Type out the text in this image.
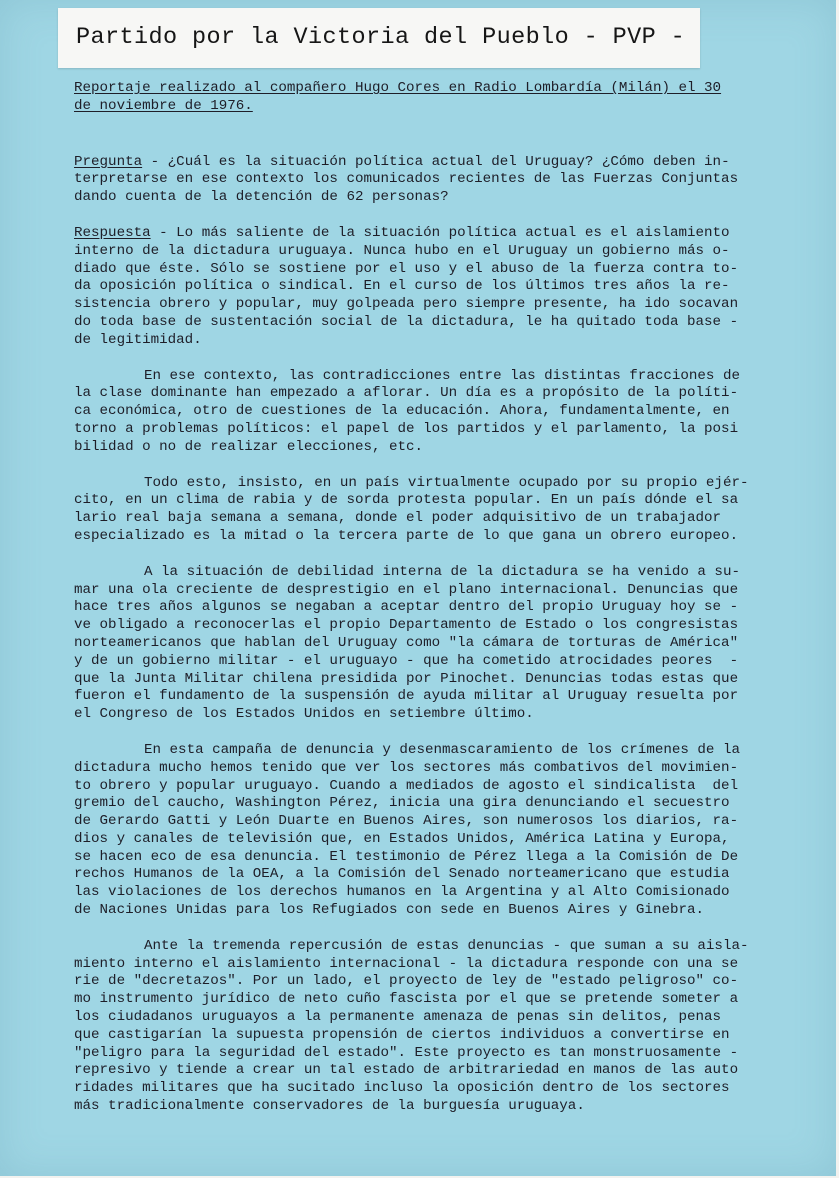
Partido por la Victoria del Pueblo - PVP -
Reportaje realizado al compañero Hugo Cores en Radio Lombardía (Milán) el 30
de noviembre de 1976.
Pregunta - ¿Cuál es la situación política actual del Uruguay? ¿Cómo deben in-
terpretarse en ese contexto los comunicados recientes de las Fuerzas Conjuntas
dando cuenta de la detención de 62 personas?
Respuesta - Lo más saliente de la situación política actual es el aislamiento
interno de la dictadura uruguaya. Nunca hubo en el Uruguay un gobierno más o-
diado que éste. Sólo se sostiene por el uso y el abuso de la fuerza contra to-
da oposición política o sindical. En el curso de los últimos tres años la re-
sistencia obrero y popular, muy golpeada pero siempre presente, ha ido socavan
do toda base de sustentación social de la dictadura, le ha quitado toda base -
de legitimidad.
En ese contexto, las contradicciones entre las distintas fracciones de
la clase dominante han empezado a aflorar. Un día es a propósito de la políti-
ca económica, otro de cuestiones de la educación. Ahora, fundamentalmente, en
torno a problemas políticos: el papel de los partidos y el parlamento, la posi
bilidad o no de realizar elecciones, etc.
Todo esto, insisto, en un país virtualmente ocupado por su propio ejér-
cito, en un clima de rabia y de sorda protesta popular. En un país dónde el sa
lario real baja semana a semana, donde el poder adquisitivo de un trabajador
especializado es la mitad o la tercera parte de lo que gana un obrero europeo.
A la situación de debilidad interna de la dictadura se ha venido a su-
mar una ola creciente de desprestigio en el plano internacional. Denuncias que
hace tres años algunos se negaban a aceptar dentro del propio Uruguay hoy se -
ve obligado a reconocerlas el propio Departamento de Estado o los congresistas
norteamericanos que hablan del Uruguay como "la cámara de torturas de América"
y de un gobierno militar - el uruguayo - que ha cometido atrocidades peores  -
que la Junta Militar chilena presidida por Pinochet. Denuncias todas estas que
fueron el fundamento de la suspensión de ayuda militar al Uruguay resuelta por
el Congreso de los Estados Unidos en setiembre último.
En esta campaña de denuncia y desenmascaramiento de los crímenes de la
dictadura mucho hemos tenido que ver los sectores más combativos del movimien-
to obrero y popular uruguayo. Cuando a mediados de agosto el sindicalista  del
gremio del caucho, Washington Pérez, inicia una gira denunciando el secuestro
de Gerardo Gatti y León Duarte en Buenos Aires, son numerosos los diarios, ra-
dios y canales de televisión que, en Estados Unidos, América Latina y Europa,
se hacen eco de esa denuncia. El testimonio de Pérez llega a la Comisión de De
rechos Humanos de la OEA, a la Comisión del Senado norteamericano que estudia
las violaciones de los derechos humanos en la Argentina y al Alto Comisionado
de Naciones Unidas para los Refugiados con sede en Buenos Aires y Ginebra.
Ante la tremenda repercusión de estas denuncias - que suman a su aisla-
miento interno el aislamiento internacional - la dictadura responde con una se
rie de "decretazos". Por un lado, el proyecto de ley de "estado peligroso" co-
mo instrumento jurídico de neto cuño fascista por el que se pretende someter a
los ciudadanos uruguayos a la permanente amenaza de penas sin delitos, penas
que castigarían la supuesta propensión de ciertos individuos a convertirse en
"peligro para la seguridad del estado". Este proyecto es tan monstruosamente -
represivo y tiende a crear un tal estado de arbitrariedad en manos de las auto
ridades militares que ha sucitado incluso la oposición dentro de los sectores
más tradicionalmente conservadores de la burguesía uruguaya.
